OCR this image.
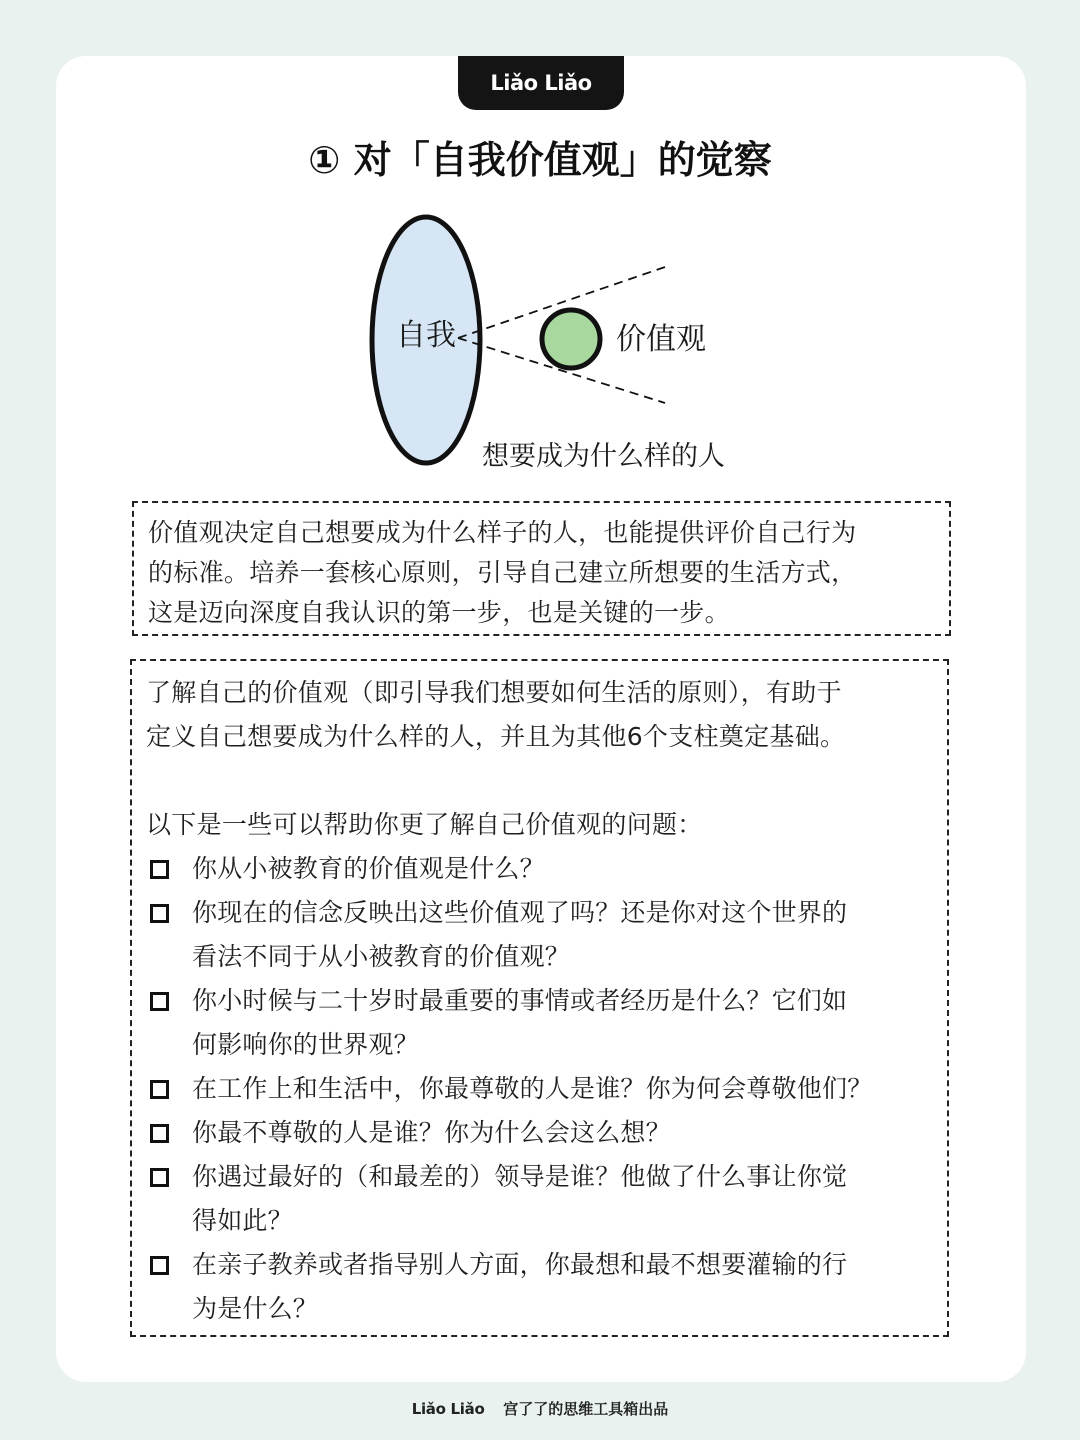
Liǎo Liǎo
① 对「自我价值观」的觉察
自我	价值观
想要成为什么样的人

价值观决定自己想要成为什么样子的人，也能提供评价自己行为

的标准。培养一套核心原则，引导自己建立所想要的生活方式，

这是迈向深度自我认识的第一步，也是关键的一步。

了解自己的价值观（即引导我们想要如何生活的原则），有助于

定义自己想要成为什么样的人，并且为其他6个支柱奠定基础。

以下是一些可以帮助你更了解自己价值观的问题：

你从小被教育的价值观是什么？
你现在的信念反映出这些价值观了吗？还是你对这个世界的
看法不同于从小被教育的价值观？
你小时候与二十岁时最重要的事情或者经历是什么？它们如
何影响你的世界观？
在工作上和生活中，你最尊敬的人是谁？你为何会尊敬他们？
你最不尊敬的人是谁？你为什么会这么想？
你遇过最好的（和最差的）领导是谁？他做了什么事让你觉
得如此？
在亲子教养或者指导别人方面，你最想和最不想要灌输的行
为是什么？
Liǎo Liǎo 宫了了的思维工具箱出品
